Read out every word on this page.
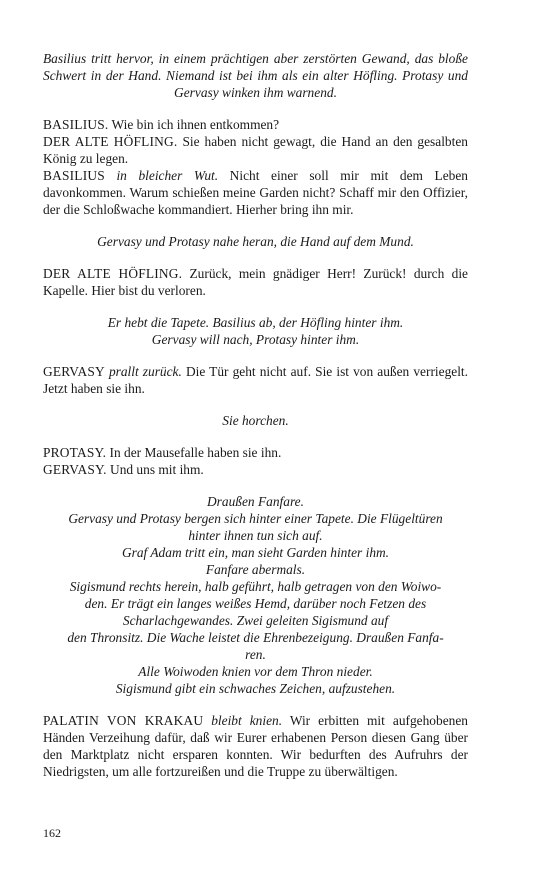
Basilius tritt hervor, in einem prächtigen aber zerstörten Gewand, das bloße Schwert in der Hand. Niemand ist bei ihm als ein alter Höfling. Protasy und Gervasy winken ihm warnend.

BASILIUS. Wie bin ich ihnen entkommen?

DER ALTE HÖFLING. Sie haben nicht gewagt, die Hand an den gesalbten König zu legen.

BASILIUS in bleicher Wut. Nicht einer soll mir mit dem Leben davonkommen. Warum schießen meine Garden nicht? Schaff mir den Offizier, der die Schloßwache kommandiert. Hierher bring ihn mir.

Gervasy und Protasy nahe heran, die Hand auf dem Mund.

DER ALTE HÖFLING. Zurück, mein gnädiger Herr! Zurück! durch die Kapelle. Hier bist du verloren.

Er hebt die Tapete. Basilius ab, der Höfling hinter ihm.
Gervasy will nach, Protasy hinter ihm.

GERVASY prallt zurück. Die Tür geht nicht auf. Sie ist von außen verriegelt. Jetzt haben sie ihn.

Sie horchen.

PROTASY. In der Mausefalle haben sie ihn.

GERVASY. Und uns mit ihm.

Draußen Fanfare.
Gervasy und Protasy bergen sich hinter einer Tapete. Die Flügeltüren
hinter ihnen tun sich auf.
Graf Adam tritt ein, man sieht Garden hinter ihm.
Fanfare abermals.
Sigismund rechts herein, halb geführt, halb getragen von den Woiwo-
den. Er trägt ein langes weißes Hemd, darüber noch Fetzen des
Scharlachgewandes. Zwei geleiten Sigismund auf
den Thronsitz. Die Wache leistet die Ehrenbezeigung. Draußen Fanfa-
ren.
Alle Woiwoden knien vor dem Thron nieder.
Sigismund gibt ein schwaches Zeichen, aufzustehen.

PALATIN VON KRAKAU bleibt knien. Wir erbitten mit aufgehobenen Händen Verzeihung dafür, daß wir Eurer erhabenen Person diesen Gang über den Marktplatz nicht ersparen konnten. Wir bedurften des Aufruhrs der Niedrigsten, um alle fortzureißen und die Truppe zu überwältigen.

162
